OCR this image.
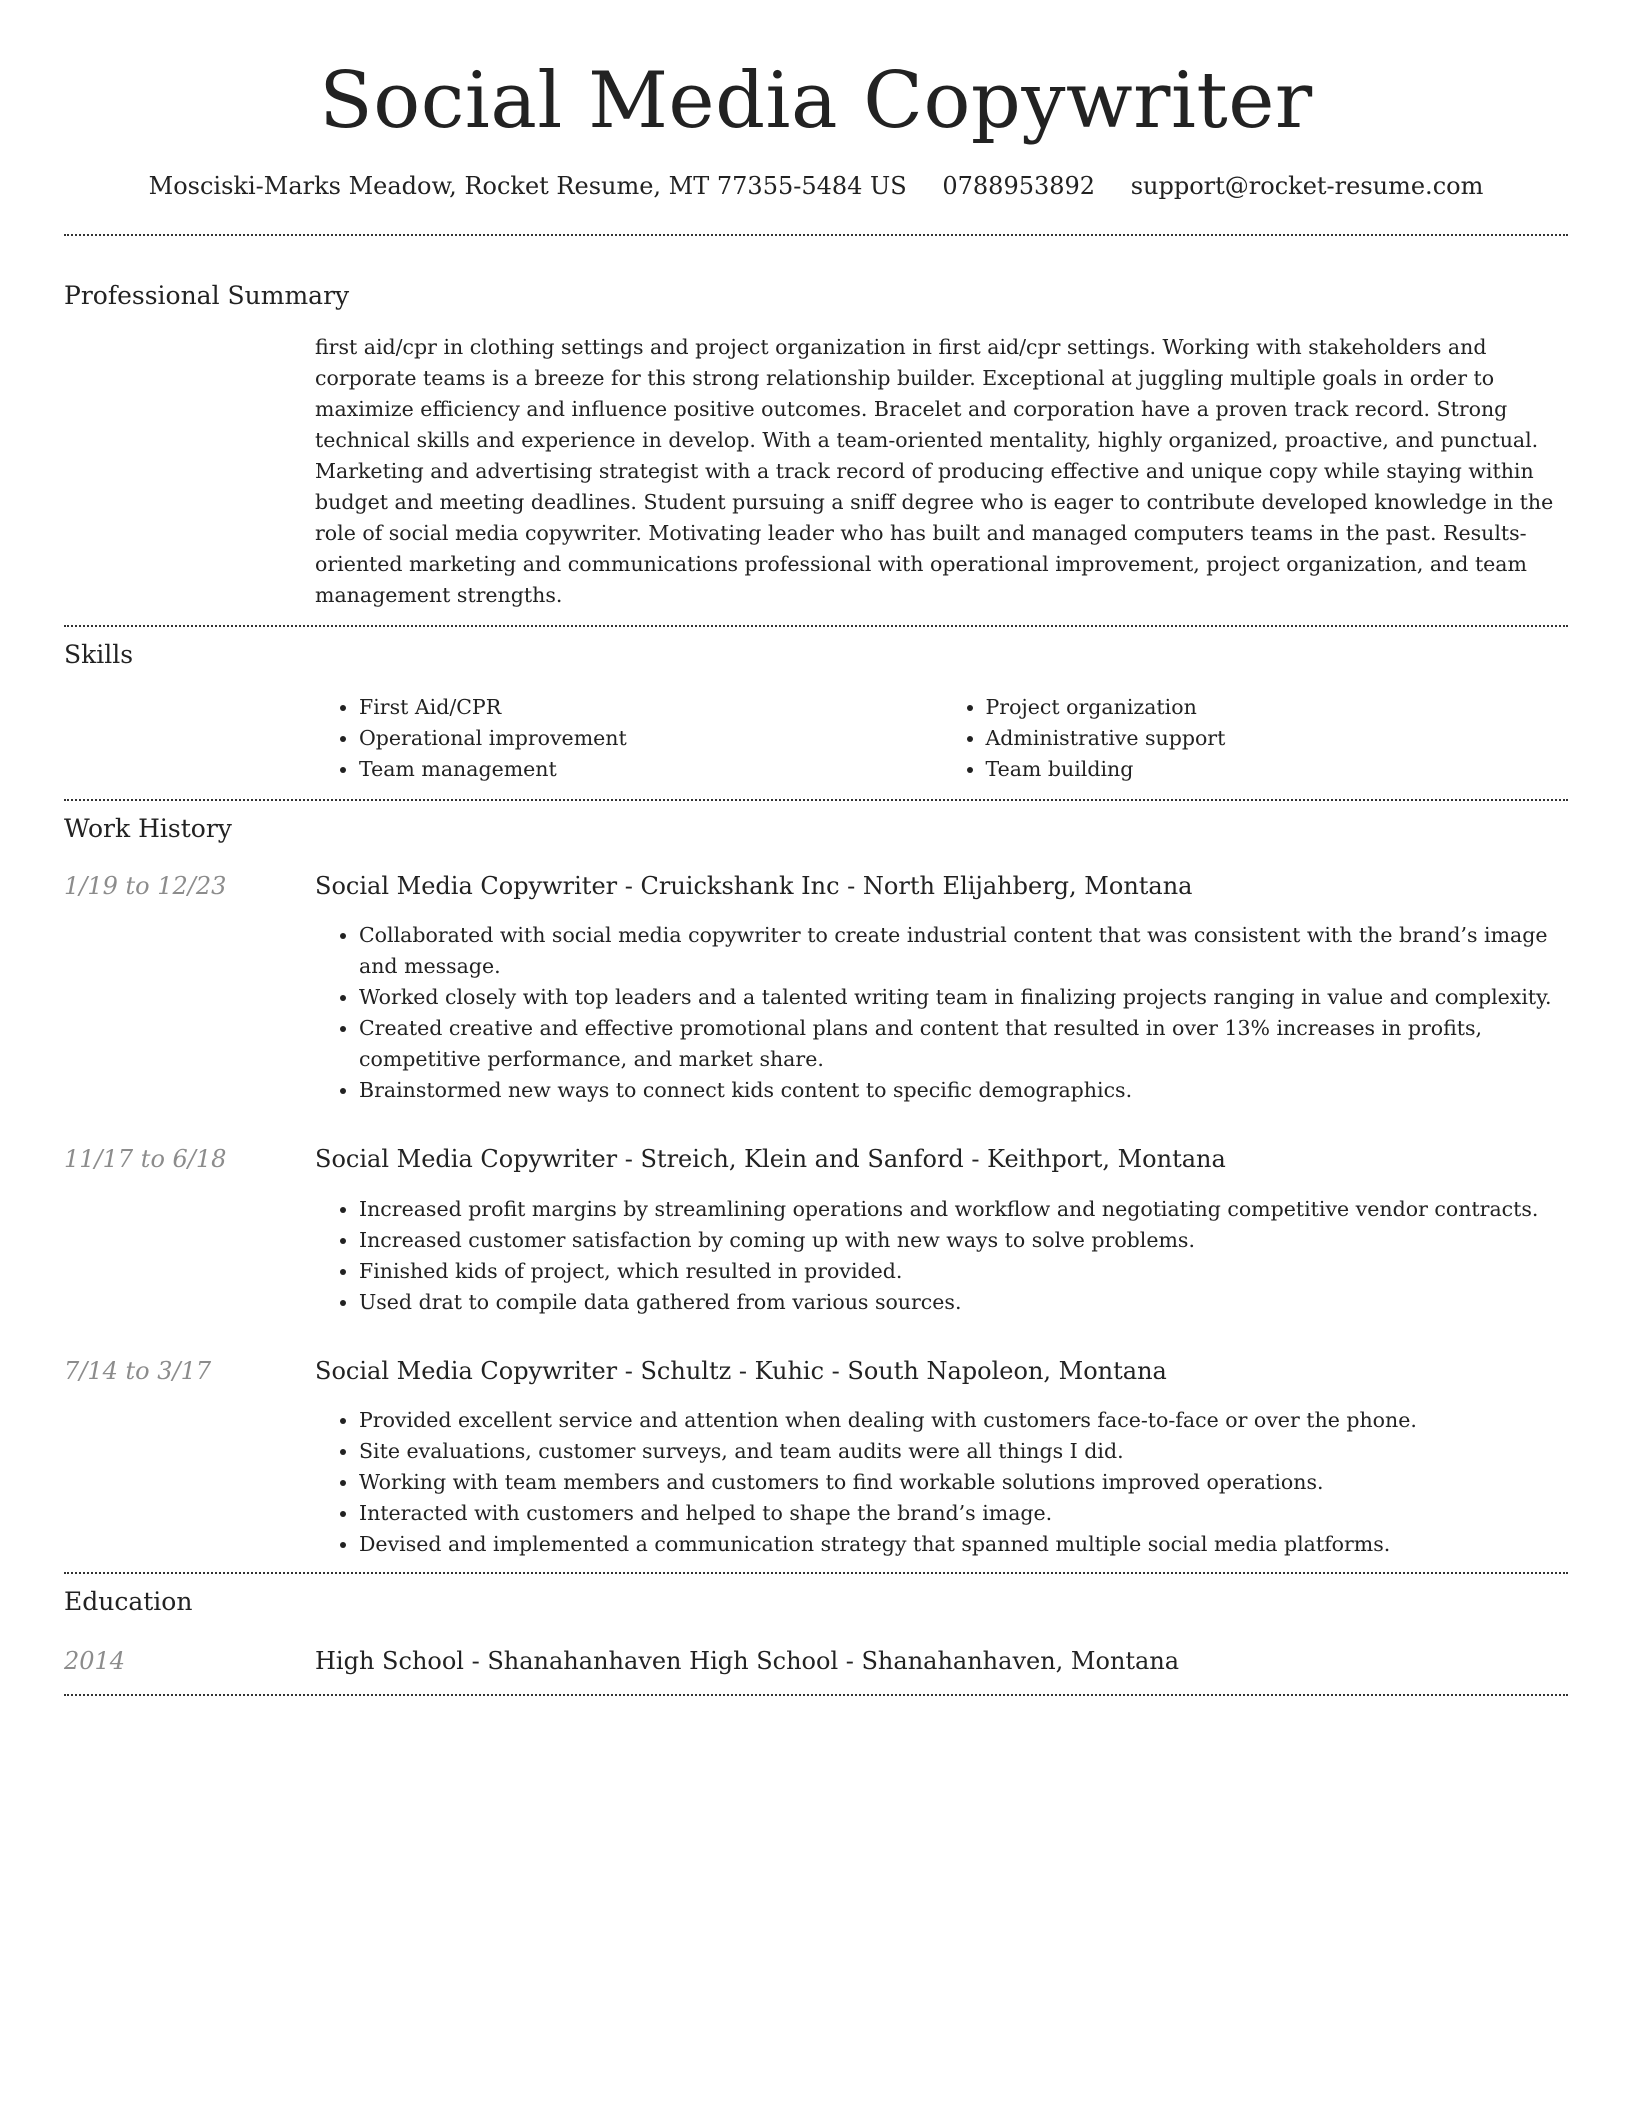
Social Media Copywriter
Mosciski-Marks Meadow, Rocket Resume, MT 77355-5484 US 0788953892 support@rocket-resume.com
Professional Summary

first aid/cpr in clothing settings and project organization in first aid/cpr settings. Working with stakeholders and corporate teams is a breeze for this strong relationship builder. Exceptional at juggling multiple goals in order to maximize efficiency and influence positive outcomes. Bracelet and corporation have a proven track record. Strong technical skills and experience in develop. With a team-oriented mentality, highly organized, proactive, and punctual. Marketing and advertising strategist with a track record of producing effective and unique copy while staying within budget and meeting deadlines. Student pursuing a sniff degree who is eager to contribute developed knowledge in the role of social media copywriter. Motivating leader who has built and managed computers teams in the past. Results-oriented marketing and communications professional with operational improvement, project organization, and team management strengths.

Skills
• First Aid/CPR
• Operational improvement
• Team management
• Project organization
• Administrative support
• Team building
Work History
1/19 to 12/23	Social Media Copywriter - Cruickshank Inc - North Elijahberg, Montana
• Collaborated with social media copywriter to create industrial content that was consistent with the brand’s image and message.
• Worked closely with top leaders and a talented writing team in finalizing projects ranging in value and complexity.
• Created creative and effective promotional plans and content that resulted in over 13% increases in profits, competitive performance, and market share.
• Brainstormed new ways to connect kids content to specific demographics.
11/17 to 6/18	Social Media Copywriter - Streich, Klein and Sanford - Keithport, Montana
• Increased profit margins by streamlining operations and workflow and negotiating competitive vendor contracts.
• Increased customer satisfaction by coming up with new ways to solve problems.
• Finished kids of project, which resulted in provided.
• Used drat to compile data gathered from various sources.
7/14 to 3/17	Social Media Copywriter - Schultz - Kuhic - South Napoleon, Montana
• Provided excellent service and attention when dealing with customers face-to-face or over the phone.
• Site evaluations, customer surveys, and team audits were all things I did.
• Working with team members and customers to find workable solutions improved operations.
• Interacted with customers and helped to shape the brand’s image.
• Devised and implemented a communication strategy that spanned multiple social media platforms.
Education
2014	High School - Shanahanhaven High School - Shanahanhaven, Montana
